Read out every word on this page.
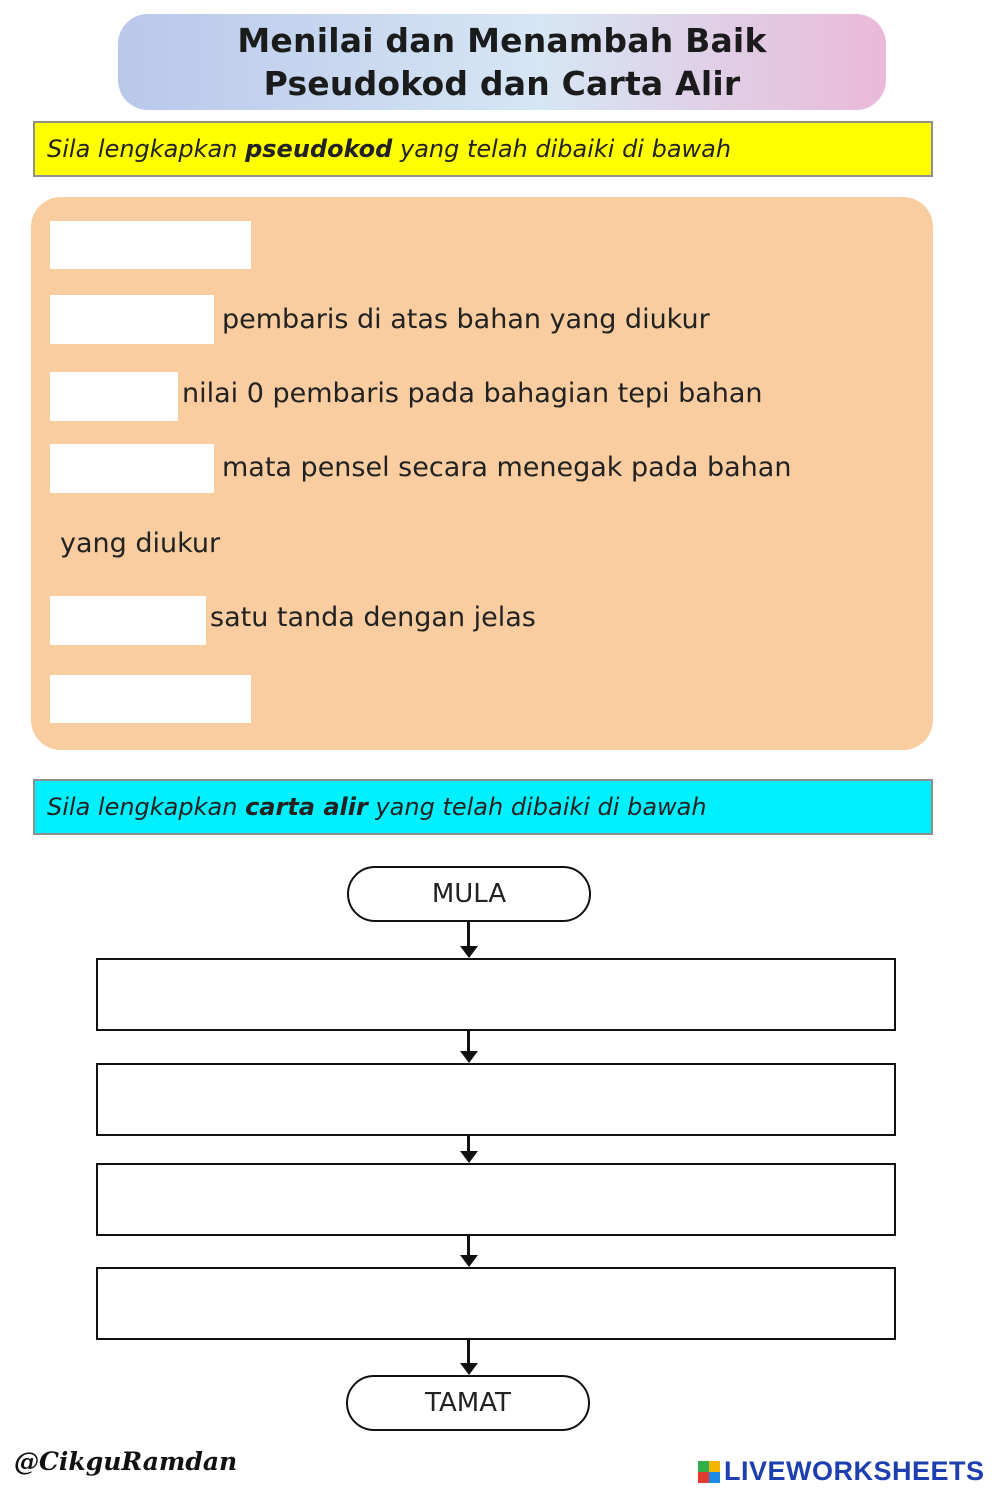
Menilai dan Menambah Baik
Pseudokod dan Carta Alir
Sila lengkapkan pseudokod yang telah dibaiki di bawah
pembaris di atas bahan yang diukur
nilai 0 pembaris pada bahagian tepi bahan
mata pensel secara menegak pada bahan
yang diukur
satu tanda dengan jelas
Sila lengkapkan carta alir yang telah dibaiki di bawah
MULA
TAMAT
@CikguRamdan	LIVEWORKSHEETS
